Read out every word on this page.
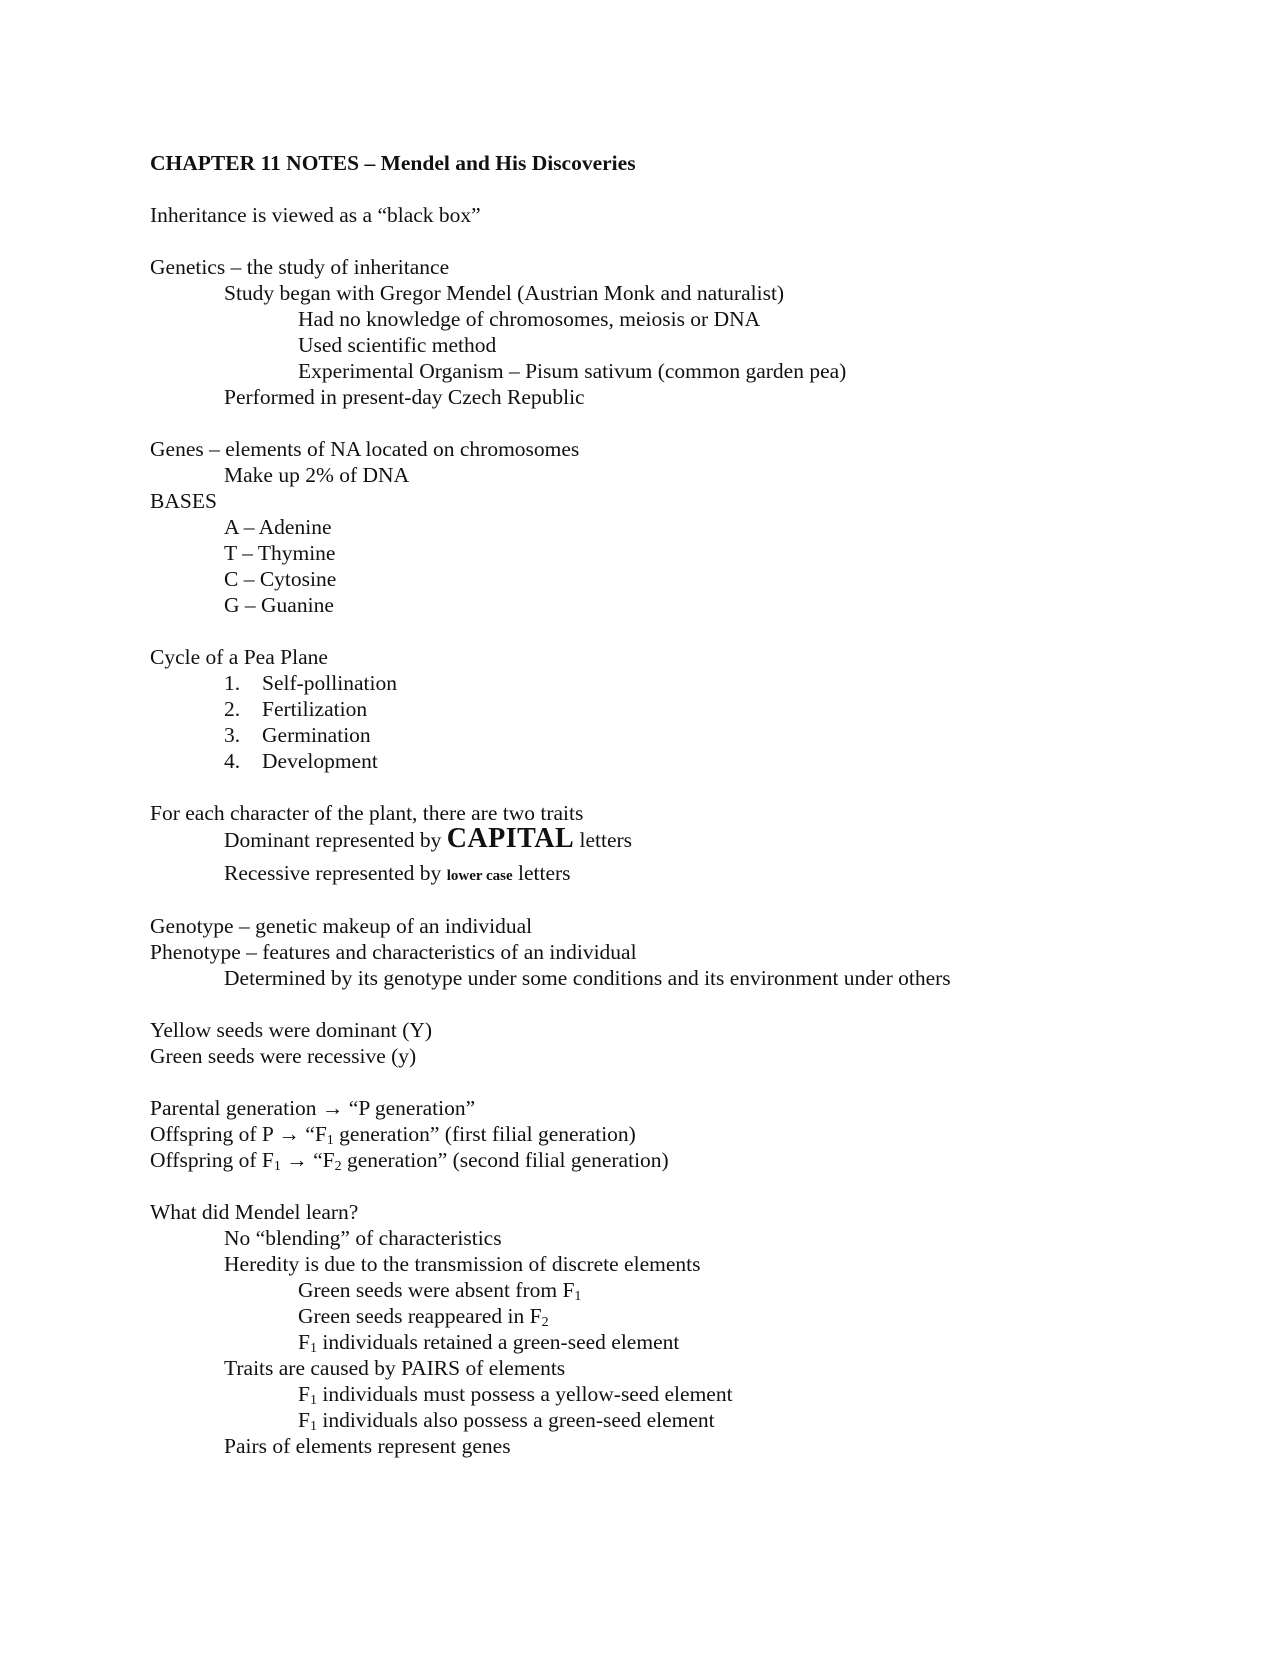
CHAPTER 11 NOTES – Mendel and His Discoveries
Inheritance is viewed as a “black box”
Genetics – the study of inheritance
Study began with Gregor Mendel (Austrian Monk and naturalist)
Had no knowledge of chromosomes, meiosis or DNA
Used scientific method
Experimental Organism – Pisum sativum (common garden pea)
Performed in present-day Czech Republic
Genes – elements of NA located on chromosomes
Make up 2% of DNA
BASES
A – Adenine
T – Thymine
C – Cytosine
G – Guanine
Cycle of a Pea Plane
1. Self-pollination
2. Fertilization
3. Germination
4. Development
For each character of the plant, there are two traits
Dominant represented by CAPITAL letters
Recessive represented by lower case letters
Genotype – genetic makeup of an individual
Phenotype – features and characteristics of an individual
Determined by its genotype under some conditions and its environment under others
Yellow seeds were dominant (Y)
Green seeds were recessive (y)
Parental generation → “P generation”
Offspring of $P \to “F_1$ generation” (first filial generation)
Offspring of $F_1$ → “$F_2$ generation” (second filial generation)
What did Mendel learn?
No “blending” of characteristics
Heredity is due to the transmission of discrete elements
Green seeds were absent from $F_1$
Green seeds reappeared in $F_2$
$F_1$ individuals retained a green-seed element
Traits are caused by PAIRS of elements
$F_1$ individuals must possess a yellow-seed element
$F_1$ individuals also possess a green-seed element
Pairs of elements represent genes
